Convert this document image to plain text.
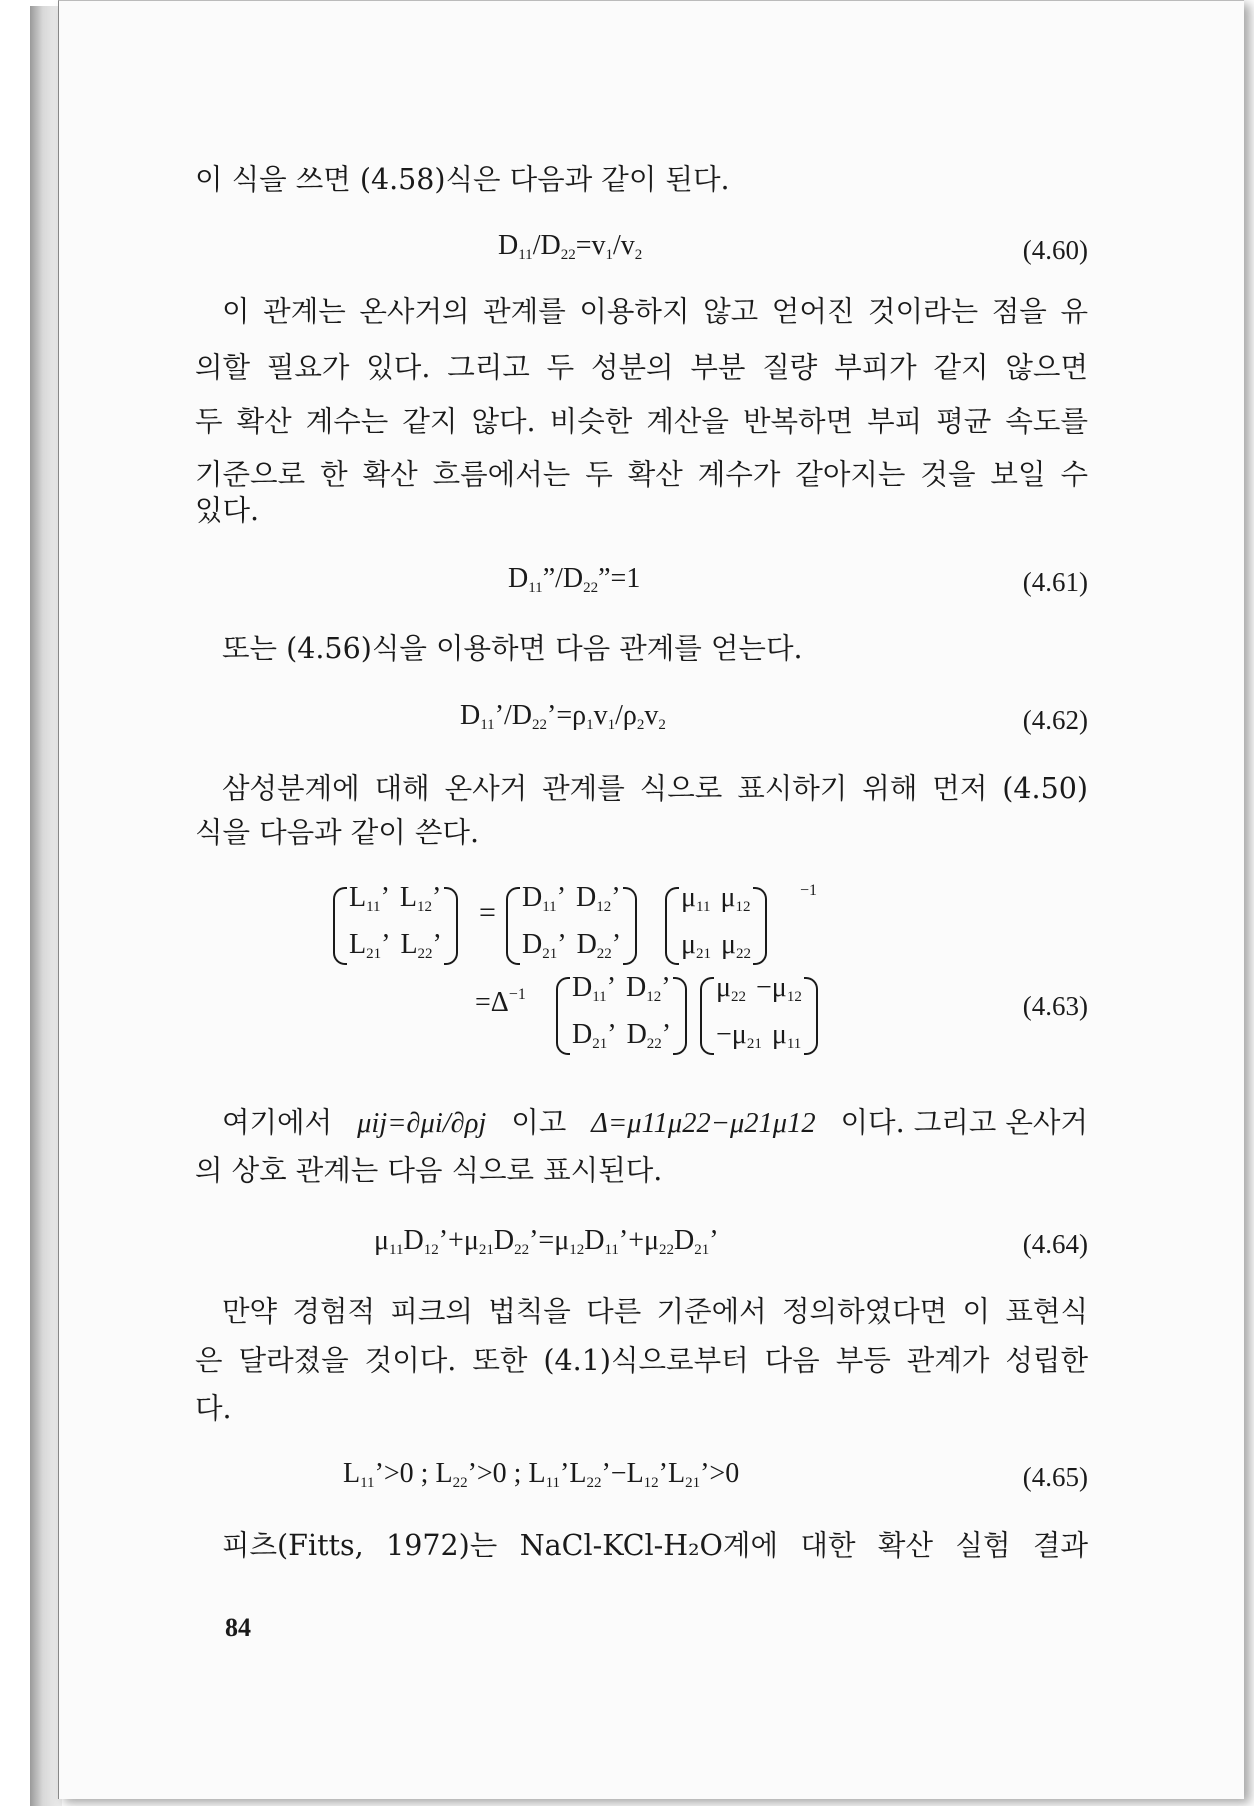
이 식을 쓰면 (4.58)식은 다음과 같이 된다.

$D_{11}/D_{22}=v_1/v_2$	(4.60)

이 관계는 온사거의 관계를 이용하지 않고 얻어진 것이라는 점을 유

의할 필요가 있다. 그리고 두 성분의 부분 질량 부피가 같지 않으면

두 확산 계수는 같지 않다. 비슷한 계산을 반복하면 부피 평균 속도를

기준으로 한 확산 흐름에서는 두 확산 계수가 같아지는 것을 보일 수

있다.

$D_{11}”/D_{22}”=1$	(4.61)

또는 (4.56)식을 이용하면 다음 관계를 얻는다.

$D_{11}’/D_{22}’=\rho_1v_1/\rho_2v_2$	(4.62)

삼성분계에 대해 온사거 관계를 식으로 표시하기 위해 먼저 (4.50)

식을 다음과 같이 쓴다.

$L_{11}$’ $L_{12}$’
$L_{21}$’ $L_{22}$’
= $D_{11}$’ $D_{12}$’
$D_{21}$’ $D_{22}$’
$\mu_{11}$ $\mu_{12}$
$\mu_{21}$ $\mu_{22}$
−1
$=\Delta^{-1}$ $D_{11}$’ $D_{12}$’
$D_{21}$’ $D_{22}$’
$\mu_{22} -\mu_{12}$
$-\mu_{21}$ $\mu_{11}$
(4.63)
여기에서 μij=∂μi/∂ρj 이고 Δ=μ11μ22−μ21μ12 이다. 그리고 온사거

의 상호 관계는 다음 식으로 표시된다.

$\mu_{11}D_{12}’+\mu_{21}D_{22}’=\mu_{12}D_{11}’+\mu_{22}D_{21}$’	(4.64)

만약 경험적 피크의 법칙을 다른 기준에서 정의하였다면 이 표현식

은 달라졌을 것이다. 또한 (4.1)식으로부터 다음 부등 관계가 성립한

다.

$L_{11}’>0$ ; $L_{22}’>0$ ; $L_{11}’L_{22}’-L_{12}’L_{21}’>0$	(4.65)

피츠(Fitts, 1972)는 NaCl-KCl-H₂O계에 대한 확산 실험 결과

84
